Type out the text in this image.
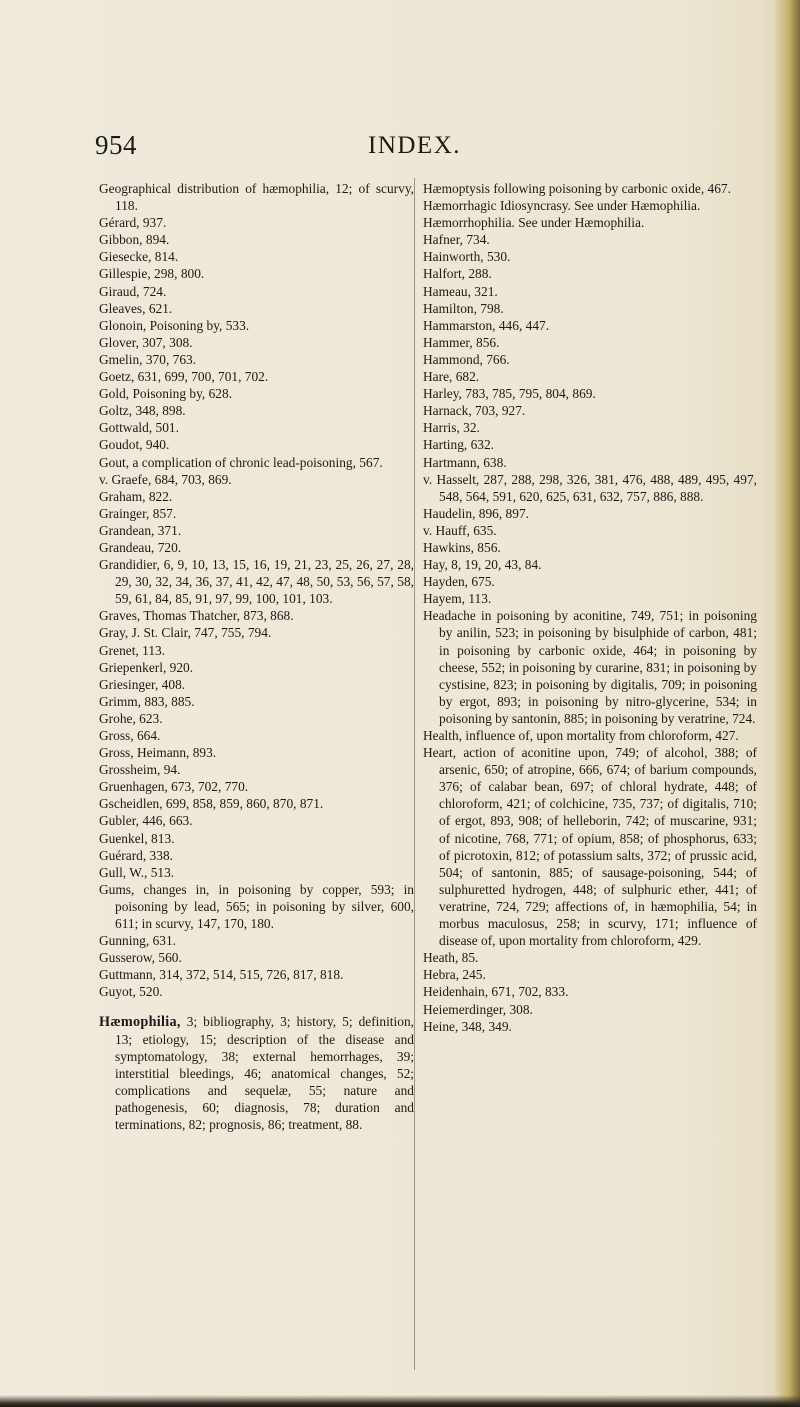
954	INDEX.
Geographical distribution of hæmophilia, 12; of scurvy, 118.
Gérard, 937.
Gibbon, 894.
Giesecke, 814.
Gillespie, 298, 800.
Giraud, 724.
Gleaves, 621.
Glonoin, Poisoning by, 533.
Glover, 307, 308.
Gmelin, 370, 763.
Goetz, 631, 699, 700, 701, 702.
Gold, Poisoning by, 628.
Goltz, 348, 898.
Gottwald, 501.
Goudot, 940.
Gout, a complication of chronic lead-poisoning, 567.
v. Graefe, 684, 703, 869.
Graham, 822.
Grainger, 857.
Grandean, 371.
Grandeau, 720.
Grandidier, 6, 9, 10, 13, 15, 16, 19, 21, 23, 25, 26, 27, 28, 29, 30, 32, 34, 36, 37, 41, 42, 47, 48, 50, 53, 56, 57, 58, 59, 61, 84, 85, 91, 97, 99, 100, 101, 103.
Graves, Thomas Thatcher, 873, 868.
Gray, J. St. Clair, 747, 755, 794.
Grenet, 113.
Griepenkerl, 920.
Griesinger, 408.
Grimm, 883, 885.
Grohe, 623.
Gross, 664.
Gross, Heimann, 893.
Grossheim, 94.
Gruenhagen, 673, 702, 770.
Gscheidlen, 699, 858, 859, 860, 870, 871.
Gubler, 446, 663.
Guenkel, 813.
Guérard, 338.
Gull, W., 513.
Gums, changes in, in poisoning by copper, 593; in poisoning by lead, 565; in poisoning by silver, 600, 611; in scurvy, 147, 170, 180.
Gunning, 631.
Gusserow, 560.
Guttmann, 314, 372, 514, 515, 726, 817, 818.
Guyot, 520.
Hæmophilia, 3; bibliography, 3; history, 5; definition, 13; etiology, 15; description of the disease and symptomatology, 38; external hemorrhages, 39; interstitial bleedings, 46; anatomical changes, 52; complications and sequelæ, 55; nature and pathogenesis, 60; diagnosis, 78; duration and terminations, 82; prognosis, 86; treatment, 88.
Hæmoptysis following poisoning by carbonic oxide, 467.
Hæmorrhagic Idiosyncrasy. See under Hæmophilia.
Hæmorrhophilia. See under Hæmophilia.
Hafner, 734.
Hainworth, 530.
Halfort, 288.
Hameau, 321.
Hamilton, 798.
Hammarston, 446, 447.
Hammer, 856.
Hammond, 766.
Hare, 682.
Harley, 783, 785, 795, 804, 869.
Harnack, 703, 927.
Harris, 32.
Harting, 632.
Hartmann, 638.
v. Hasselt, 287, 288, 298, 326, 381, 476, 488, 489, 495, 497, 548, 564, 591, 620, 625, 631, 632, 757, 886, 888.
Haudelin, 896, 897.
v. Hauff, 635.
Hawkins, 856.
Hay, 8, 19, 20, 43, 84.
Hayden, 675.
Hayem, 113.
Headache in poisoning by aconitine, 749, 751; in poisoning by anilin, 523; in poisoning by bisulphide of carbon, 481; in poisoning by carbonic oxide, 464; in poisoning by cheese, 552; in poisoning by curarine, 831; in poisoning by cystisine, 823; in poisoning by digitalis, 709; in poisoning by ergot, 893; in poisoning by nitro-glycerine, 534; in poisoning by santonin, 885; in poisoning by veratrine, 724.
Health, influence of, upon mortality from chloroform, 427.
Heart, action of aconitine upon, 749; of alcohol, 388; of arsenic, 650; of atropine, 666, 674; of barium compounds, 376; of calabar bean, 697; of chloral hydrate, 448; of chloroform, 421; of colchicine, 735, 737; of digitalis, 710; of ergot, 893, 908; of helleborin, 742; of muscarine, 931; of nicotine, 768, 771; of opium, 858; of phosphorus, 633; of picrotoxin, 812; of potassium salts, 372; of prussic acid, 504; of santonin, 885; of sausage-poisoning, 544; of sulphuretted hydrogen, 448; of sulphuric ether, 441; of veratrine, 724, 729; affections of, in hæmophilia, 54; in morbus maculosus, 258; in scurvy, 171; influence of disease of, upon mortality from chloroform, 429.
Heath, 85.
Hebra, 245.
Heidenhain, 671, 702, 833.
Heiemerdinger, 308.
Heine, 348, 349.
